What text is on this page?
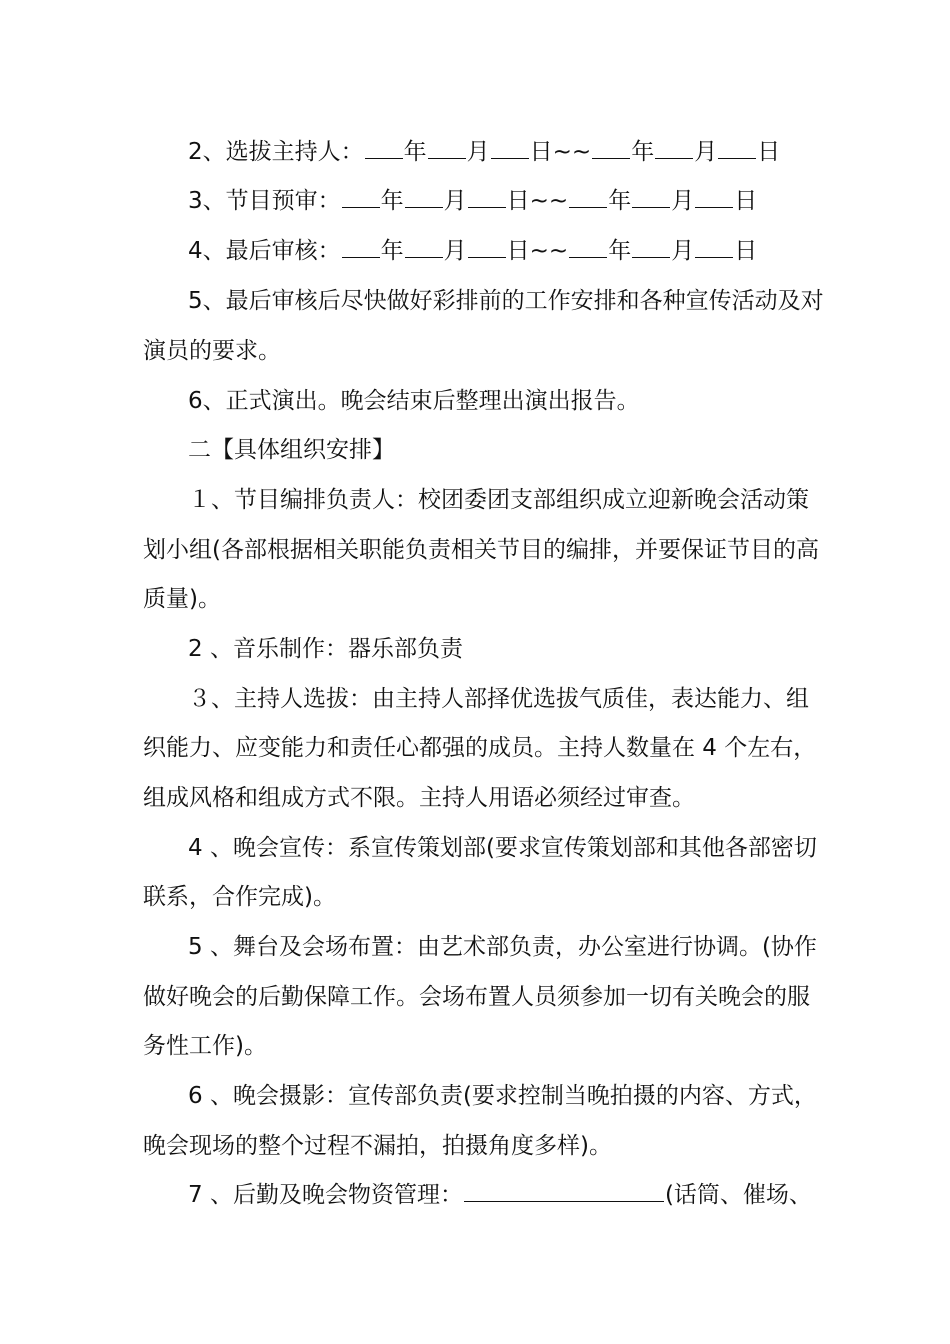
2、选拔主持人： 年 月 日~~ 年 月 日
3、节目预审： 年 月 日~~ 年 月 日
4、最后审核： 年 月 日~~ 年 月 日
5、最后审核后尽快做好彩排前的工作安排和各种宣传活动及对
演员的要求。
6、正式演出。晚会结束后整理出演出报告。
二【具体组织安排】
１、节目编排负责人：校团委团支部组织成立迎新晚会活动策
划小组(各部根据相关职能负责相关节目的编排，并要保证节目的高
质量)。
2 、音乐制作：器乐部负责
３、主持人选拔：由主持人部择优选拔气质佳，表达能力、组
织能力、应变能力和责任心都强的成员。主持人数量在 4 个左右，
组成风格和组成方式不限。主持人用语必须经过审查。
4 、晚会宣传：系宣传策划部(要求宣传策划部和其他各部密切
联系，合作完成)。
5 、舞台及会场布置：由艺术部负责，办公室进行协调。(协作
做好晚会的后勤保障工作。会场布置人员须参加一切有关晚会的服
务性工作)。
6 、晚会摄影：宣传部负责(要求控制当晚拍摄的内容、方式，
晚会现场的整个过程不漏拍，拍摄角度多样)。
7 、后勤及晚会物资管理：	(话筒、催场、
